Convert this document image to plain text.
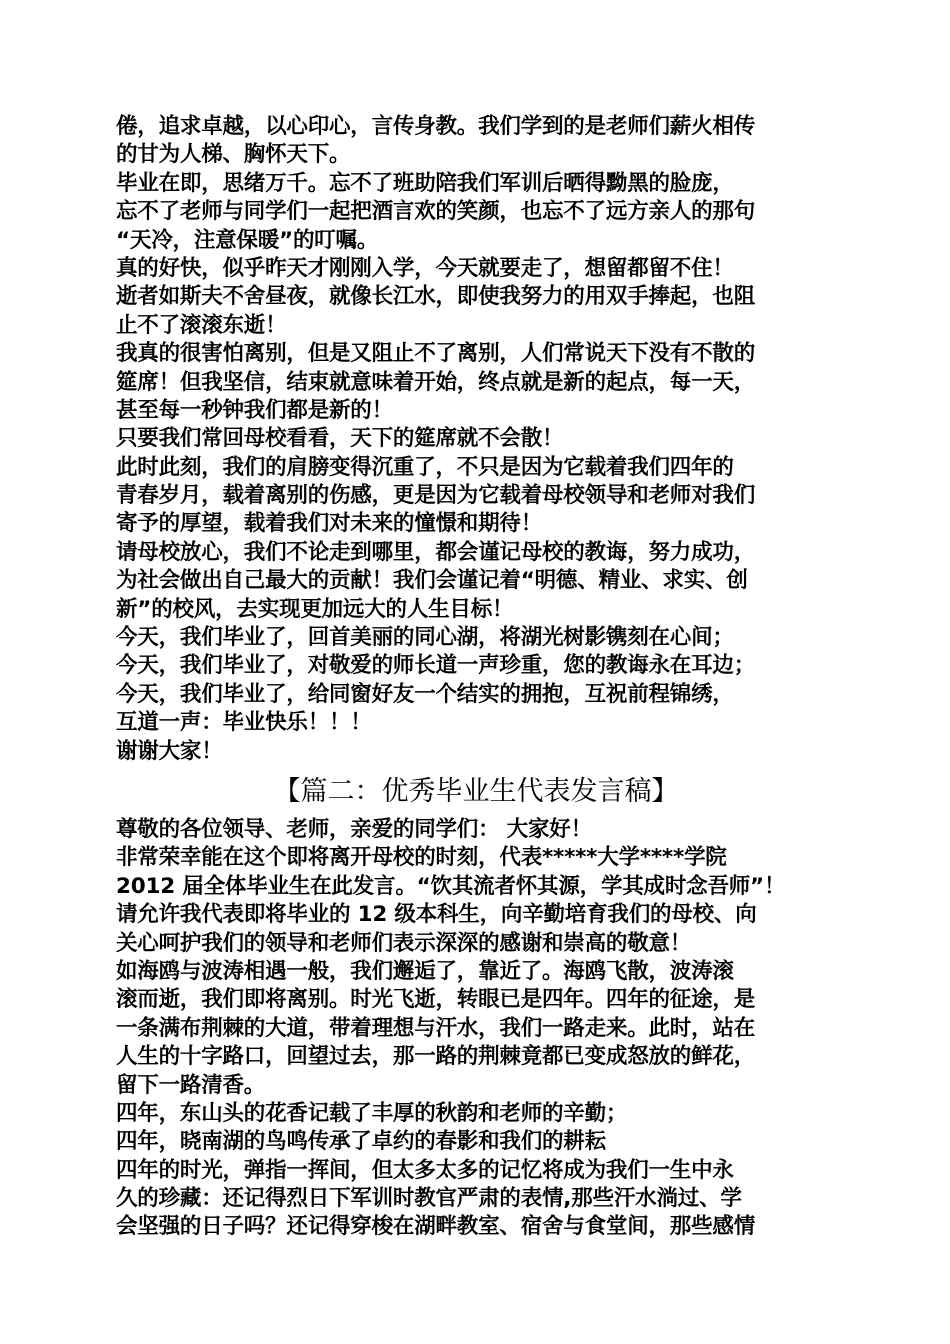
倦，追求卓越，以心印心，言传身教。我们学到的是老师们薪火相传
的甘为人梯、胸怀天下。
毕业在即，思绪万千。忘不了班助陪我们军训后晒得黝黑的脸庞，
忘不了老师与同学们一起把酒言欢的笑颜，也忘不了远方亲人的那句
“天冷，注意保暖”的叮嘱。
真的好快，似乎昨天才刚刚入学，今天就要走了，想留都留不住！
逝者如斯夫不舍昼夜，就像长江水，即使我努力的用双手捧起，也阻
止不了滚滚东逝！
我真的很害怕离别，但是又阻止不了离别，人们常说天下没有不散的
筵席！但我坚信，结束就意味着开始，终点就是新的起点，每一天，
甚至每一秒钟我们都是新的！
只要我们常回母校看看，天下的筵席就不会散！
此时此刻，我们的肩膀变得沉重了，不只是因为它载着我们四年的
青春岁月，载着离别的伤感，更是因为它载着母校领导和老师对我们
寄予的厚望，载着我们对未来的憧憬和期待！
请母校放心，我们不论走到哪里，都会谨记母校的教诲，努力成功，
为社会做出自己最大的贡献！我们会谨记着“明德、精业、求实、创
新”的校风，去实现更加远大的人生目标！
今天，我们毕业了，回首美丽的同心湖，将湖光树影镌刻在心间；
今天，我们毕业了，对敬爱的师长道一声珍重，您的教诲永在耳边；
今天，我们毕业了，给同窗好友一个结实的拥抱，互祝前程锦绣，
互道一声：毕业快乐！！！
谢谢大家！
【篇二：优秀毕业生代表发言稿】
尊敬的各位领导、老师，亲爱的同学们： 大家好！
非常荣幸能在这个即将离开母校的时刻，代表*****大学****学院
2012 届全体毕业生在此发言。“饮其流者怀其源，学其成时念吾师”！
请允许我代表即将毕业的 12 级本科生，向辛勤培育我们的母校、向
关心呵护我们的领导和老师们表示深深的感谢和崇高的敬意！
如海鸥与波涛相遇一般，我们邂逅了，靠近了。海鸥飞散，波涛滚
滚而逝，我们即将离别。时光飞逝，转眼已是四年。四年的征途，是
一条满布荆棘的大道，带着理想与汗水，我们一路走来。此时，站在
人生的十字路口，回望过去，那一路的荆棘竟都已变成怒放的鲜花，
留下一路清香。
四年，东山头的花香记载了丰厚的秋韵和老师的辛勤；
四年，晓南湖的鸟鸣传承了卓约的春影和我们的耕耘
四年的时光，弹指一挥间，但太多太多的记忆将成为我们一生中永
久的珍藏：还记得烈日下军训时教官严肃的表情,那些汗水淌过、学
会坚强的日子吗？还记得穿梭在湖畔教室、宿舍与食堂间，那些感情
